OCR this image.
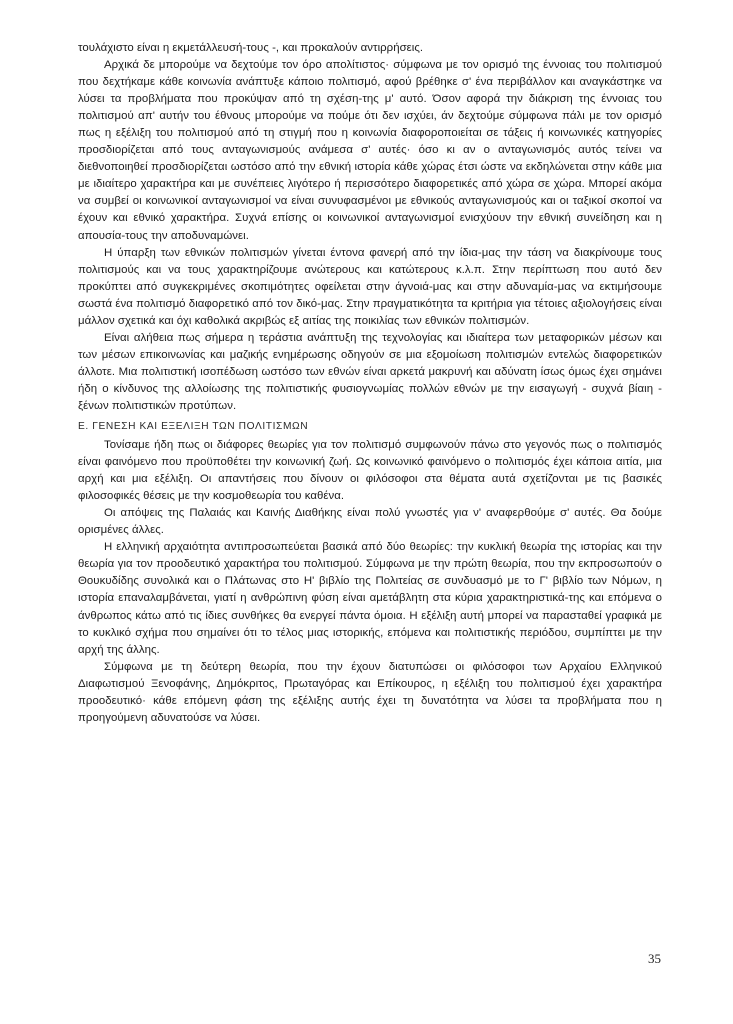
τουλάχιστο είναι η εκμετάλλευσή-τους -, και προκαλούν αντιρρήσεις.

Αρχικά δε μπορούμε να δεχτούμε τον όρο απολίτιστος· σύμφωνα με τον ορισμό της έννοιας του πολιτισμού που δεχτήκαμε κάθε κοινωνία ανάπτυξε κάποιο πολιτισμό, αφού βρέθηκε σ' ένα περιβάλλον και αναγκάστηκε να λύσει τα προβλήματα που προκύψαν από τη σχέση-της μ' αυτό. Όσον αφορά την διάκριση της έννοιας του πολιτισμού απ' αυτήν του έθνους μπορούμε να πούμε ότι δεν ισχύει, άν δεχτούμε σύμφωνα πάλι με τον ορισμό πως η εξέλιξη του πολιτισμού από τη στιγμή που η κοινωνία διαφοροποιείται σε τάξεις ή κοινωνικές κατηγορίες προσδιορίζεται από τους ανταγωνισμούς ανάμεσα σ' αυτές· όσο κι αν ο ανταγωνισμός αυτός τείνει να διεθνοποιηθεί προσδιορίζεται ωστόσο από την εθνική ιστορία κάθε χώρας έτσι ώστε να εκδηλώνεται στην κάθε μια με ιδιαίτερο χαρακτήρα και με συνέπειες λιγότερο ή περισσότερο διαφορετικές από χώρα σε χώρα. Μπορεί ακόμα να συμβεί οι κοινωνικοί ανταγωνισμοί να είναι συνυφασμένοι με εθνικούς ανταγωνισμούς και οι ταξικοί σκοποί να έχουν και εθνικό χαρακτήρα. Συχνά επίσης οι κοινωνικοί ανταγωνισμοί ενισχύουν την εθνική συνείδηση και η απουσία-τους την αποδυναμώνει.

Η ύπαρξη των εθνικών πολιτισμών γίνεται έντονα φανερή από την ίδια-μας την τάση να διακρίνουμε τους πολιτισμούς και να τους χαρακτηρίζουμε ανώτερους και κατώτερους κ.λ.π. Στην περίπτωση που αυτό δεν προκύπτει από συγκεκριμένες σκοπιμότητες οφείλεται στην άγνοιά-μας και στην αδυναμία-μας να εκτιμήσουμε σωστά ένα πολιτισμό διαφορετικό από τον δικό-μας. Στην πραγματικότητα τα κριτήρια για τέτοιες αξιολογήσεις είναι μάλλον σχετικά και όχι καθολικά ακριβώς εξ αιτίας της ποικιλίας των εθνικών πολιτισμών.

Είναι αλήθεια πως σήμερα η τεράστια ανάπτυξη της τεχνολογίας και ιδιαίτερα των μεταφορικών μέσων και των μέσων επικοινωνίας και μαζικής ενημέρωσης οδηγούν σε μια εξομοίωση πολιτισμών εντελώς διαφορετικών άλλοτε. Μια πολιτιστική ισοπέδωση ωστόσο των εθνών είναι αρκετά μακρυνή και αδύνατη ίσως όμως έχει σημάνει ήδη ο κίνδυνος της αλλοίωσης της πολιτιστικής φυσιογνωμίας πολλών εθνών με την εισαγωγή - συχνά βίαιη - ξένων πολιτιστικών προτύπων.

Ε. ΓΕΝΕΣΗ ΚΑΙ ΕΞΕΛΙΞΗ ΤΩΝ ΠΟΛΙΤΙΣΜΩΝ

Τονίσαμε ήδη πως οι διάφορες θεωρίες για τον πολιτισμό συμφωνούν πάνω στο γεγονός πως ο πολιτισμός είναι φαινόμενο που προϋποθέτει την κοινωνική ζωή. Ως κοινωνικό φαινόμενο ο πολιτισμός έχει κάποια αιτία, μια αρχή και μια εξέλιξη. Οι απαντήσεις που δίνουν οι φιλόσοφοι στα θέματα αυτά σχετίζονται με τις βασικές φιλοσοφικές θέσεις με την κοσμοθεωρία του καθένα.

Οι απόψεις της Παλαιάς και Καινής Διαθήκης είναι πολύ γνωστές για ν' αναφερθούμε σ' αυτές. Θα δούμε ορισμένες άλλες.

Η ελληνική αρχαιότητα αντιπροσωπεύεται βασικά από δύο θεωρίες: την κυκλική θεωρία της ιστορίας και την θεωρία για τον προοδευτικό χαρακτήρα του πολιτισμού. Σύμφωνα με την πρώτη θεωρία, που την εκπροσωπούν ο Θουκυδίδης συνολικά και ο Πλάτωνας στο Η' βιβλίο της Πολιτείας σε συνδυασμό με το Γ' βιβλίο των Νόμων, η ιστορία επαναλαμβάνεται, γιατί η ανθρώπινη φύση είναι αμετάβλητη στα κύρια χαρακτηριστικά-της και επόμενα ο άνθρωπος κάτω από τις ίδιες συνθήκες θα ενεργεί πάντα όμοια. Η εξέλιξη αυτή μπορεί να παρασταθεί γραφικά με το κυκλικό σχήμα που σημαίνει ότι το τέλος μιας ιστορικής, επόμενα και πολιτιστικής περιόδου, συμπίπτει με την αρχή της άλλης.

Σύμφωνα με τη δεύτερη θεωρία, που την έχουν διατυπώσει οι φιλόσοφοι των Αρχαίου Ελληνικού Διαφωτισμού Ξενοφάνης, Δημόκριτος, Πρωταγόρας και Επίκουρος, η εξέλιξη του πολιτισμού έχει χαρακτήρα προοδευτικό· κάθε επόμενη φάση της εξέλιξης αυτής έχει τη δυνατότητα να λύσει τα προβλήματα που η προηγούμενη αδυνατούσε να λύσει.

35
